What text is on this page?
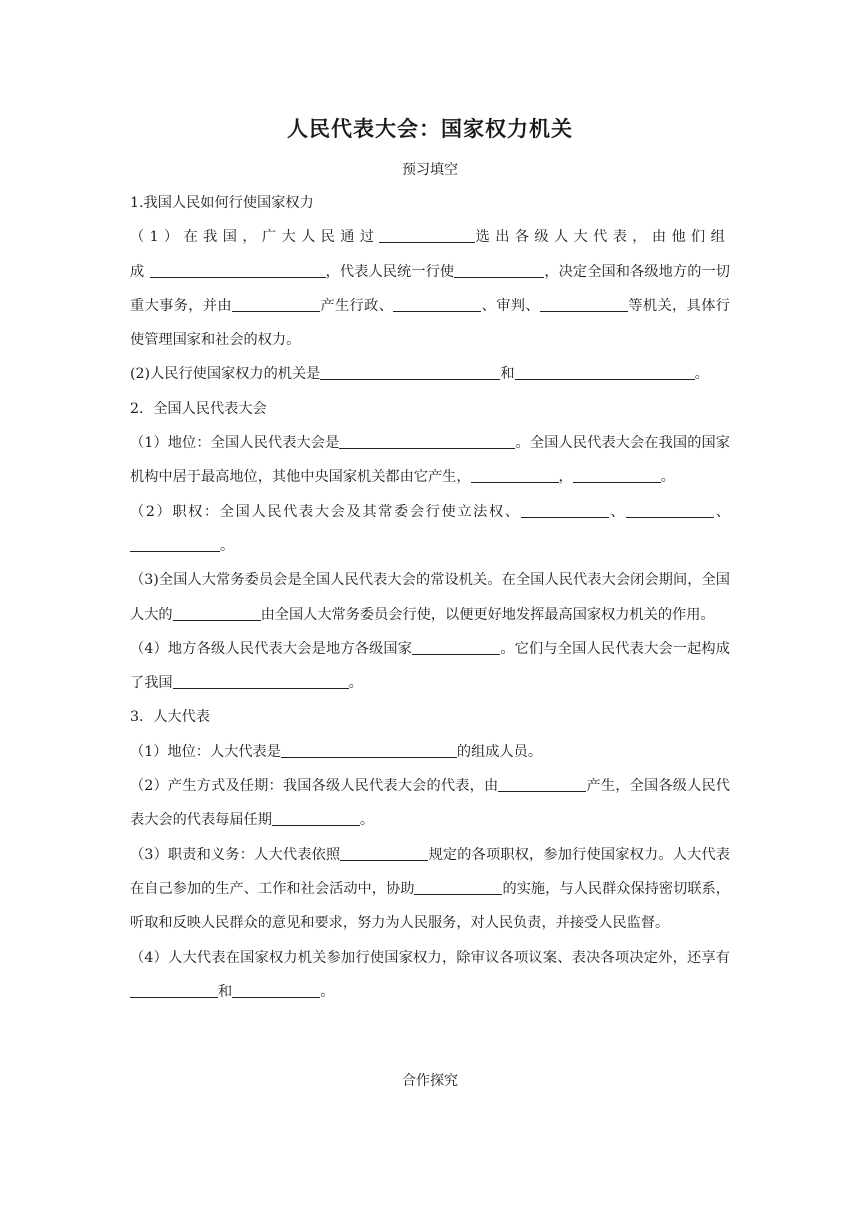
人民代表大会：国家权力机关
预习填空

1.我国人民如何行使国家权力

（1）在我国，广大人民通过	选出各级人大代表，由他们组成	，代表人民统一行使	，决定全国和各级地方的一切重大事务，并由	产生行政、	、审判、	等机关，具体行使管理国家和社会的权力。

(2)人民行使国家权力的机关是	和	。

2．全国人民代表大会

（1）地位：全国人民代表大会是	。全国人民代表大会在我国的国家机构中居于最高地位，其他中央国家机关都由它产生，	，	。

（2）职权：全国人民代表大会及其常委会行使立法权、	、	、。

（3)全国人大常务委员会是全国人民代表大会的常设机关。在全国人民代表大会闭会期间，全国人大的	由全国人大常务委员会行使，以便更好地发挥最高国家权力机关的作用。

（4）地方各级人民代表大会是地方各级国家	。它们与全国人民代表大会一起构成了我国	。

3．人大代表

（1）地位：人大代表是	的组成人员。

（2）产生方式及任期：我国各级人民代表大会的代表，由	产生，全国各级人民代表大会的代表每届任期	。

（3）职责和义务：人大代表依照	规定的各项职权，参加行使国家权力。人大代表在自己参加的生产、工作和社会活动中，协助	的实施，与人民群众保持密切联系，听取和反映人民群众的意见和要求，努力为人民服务，对人民负责，并接受人民监督。

（4）人大代表在国家权力机关参加行使国家权力，除审议各项议案、表决各项决定外，还享有和	。

合作探究
